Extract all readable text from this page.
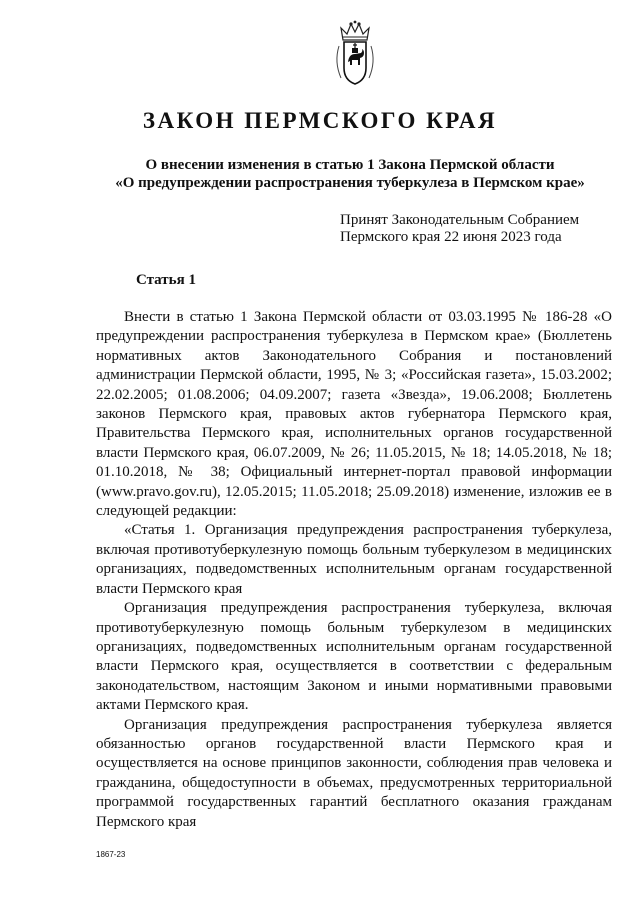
ЗАКОН ПЕРМСКОГО КРАЯ
О внесении изменения в статью 1 Закона Пермской области
«О предупреждении распространения туберкулеза в Пермском крае»
Принят Законодательным Собранием
Пермского края 22 июня 2023 года
Статья 1

Внести в статью 1 Закона Пермской области от 03.03.1995 № 186-28 «О предупреждении распространения туберкулеза в Пермском крае» (Бюллетень нормативных актов Законодательного Собрания и постановлений администрации Пермской области, 1995, № 3; «Российская газета», 15.03.2002; 22.02.2005; 01.08.2006; 04.09.2007; газета «Звезда», 19.06.2008; Бюллетень законов Пермского края, правовых актов губернатора Пермского края, Правительства Пермского края, исполнительных органов государственной власти Пермского края, 06.07.2009, № 26; 11.05.2015, № 18; 14.05.2018, № 18; 01.10.2018, № 38; Официальный интернет-портал правовой информации (www.pravo.gov.ru), 12.05.2015; 11.05.2018; 25.09.2018) изменение, изложив ее в следующей редакции:

«Статья 1. Организация предупреждения распространения туберкулеза, включая противотуберкулезную помощь больным туберкулезом в медицинских организациях, подведомственных исполнительным органам государственной власти Пермского края

Организация предупреждения распространения туберкулеза, включая противотуберкулезную помощь больным туберкулезом в медицинских организациях, подведомственных исполнительным органам государственной власти Пермского края, осуществляется в соответствии с федеральным законодательством, настоящим Законом и иными нормативными правовыми актами Пермского края.

Организация предупреждения распространения туберкулеза является обязанностью органов государственной власти Пермского края и осуществляется на основе принципов законности, соблюдения прав человека и гражданина, общедоступности в объемах, предусмотренных территориальной программой государственных гарантий бесплатного оказания гражданам Пермского края

1867-23
